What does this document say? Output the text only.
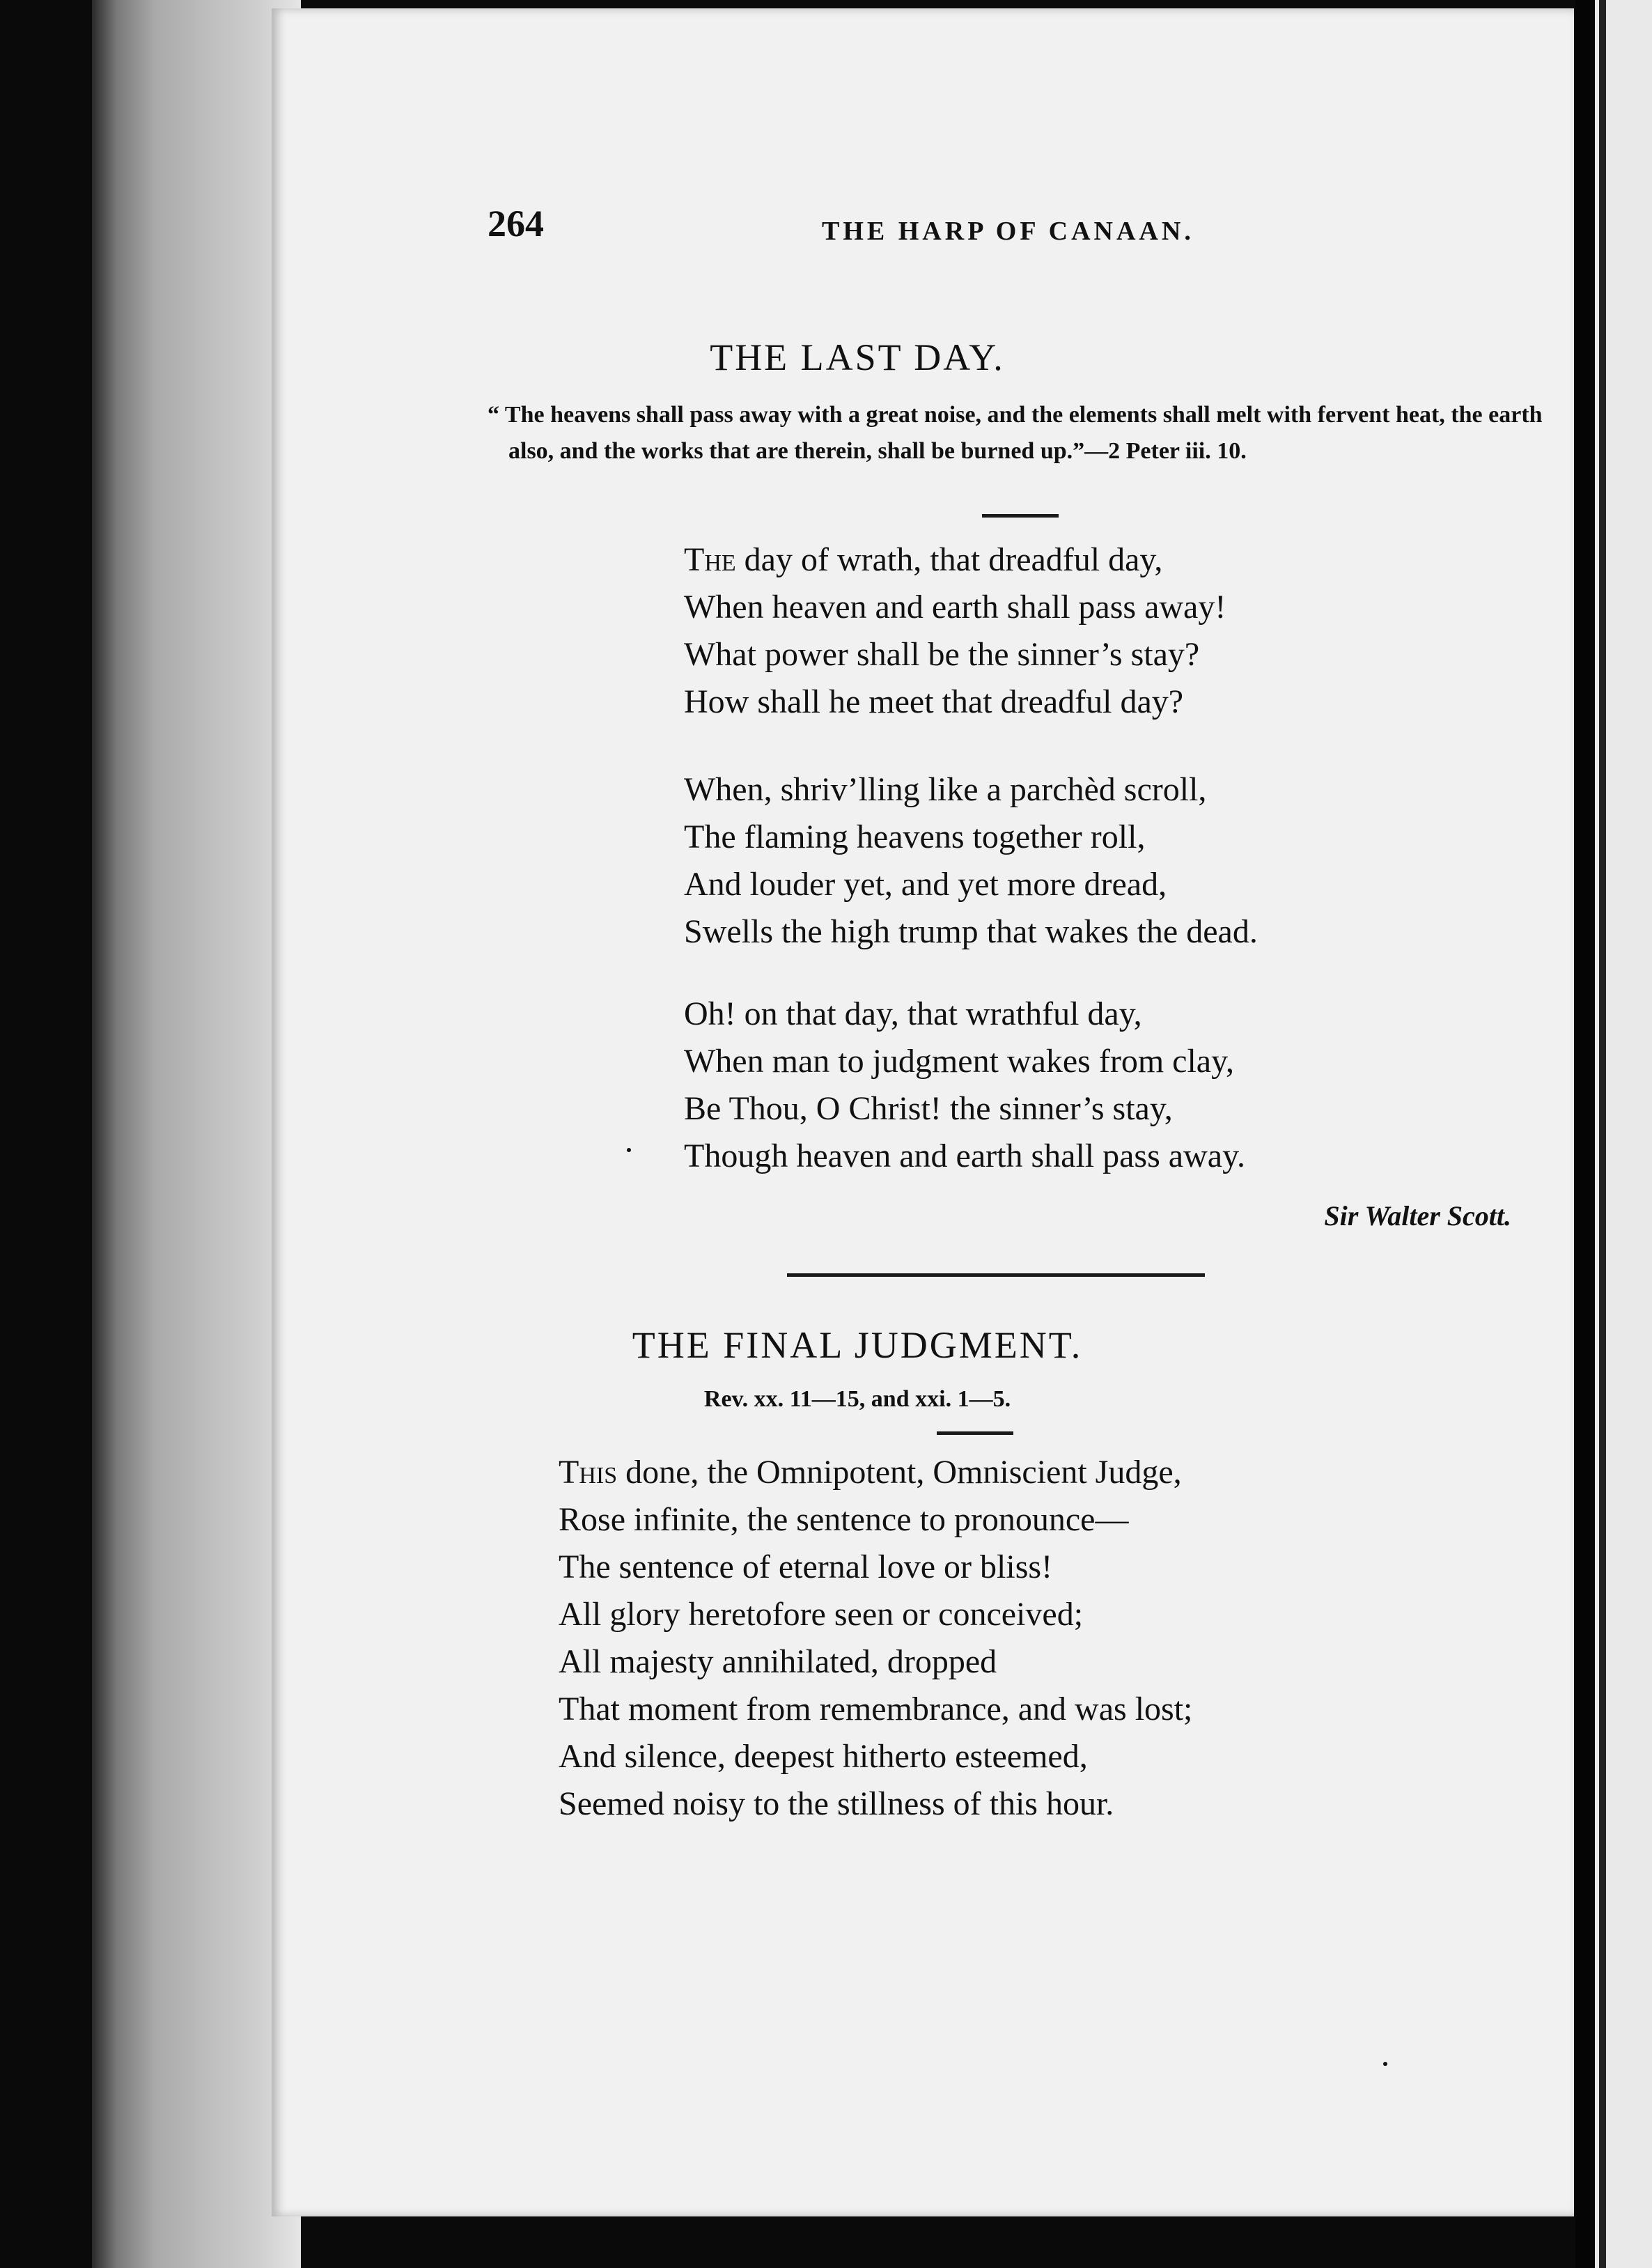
264	THE HARP OF CANAAN.
THE LAST DAY.

“ The heavens shall pass away with a great noise, and the elements shall melt with fervent heat, the earth also, and the works that are therein, shall be burned up.”—2 Peter iii. 10.

The day of wrath, that dreadful day,
When heaven and earth shall pass away!
What power shall be the sinner’s stay?
How shall he meet that dreadful day?
When, shriv’lling like a parchèd scroll,
The flaming heavens together roll,
And louder yet, and yet more dread,
Swells the high trump that wakes the dead.
Oh! on that day, that wrathful day,
When man to judgment wakes from clay,
Be Thou, O Christ! the sinner’s stay,
Though heaven and earth shall pass away.
Sir Walter Scott.
THE FINAL JUDGMENT.
Rev. xx. 11—15, and xxi. 1—5.
This done, the Omnipotent, Omniscient Judge,
Rose infinite, the sentence to pronounce—
The sentence of eternal love or bliss!
All glory heretofore seen or conceived;
All majesty annihilated, dropped
That moment from remembrance, and was lost;
And silence, deepest hitherto esteemed,
Seemed noisy to the stillness of this hour.
